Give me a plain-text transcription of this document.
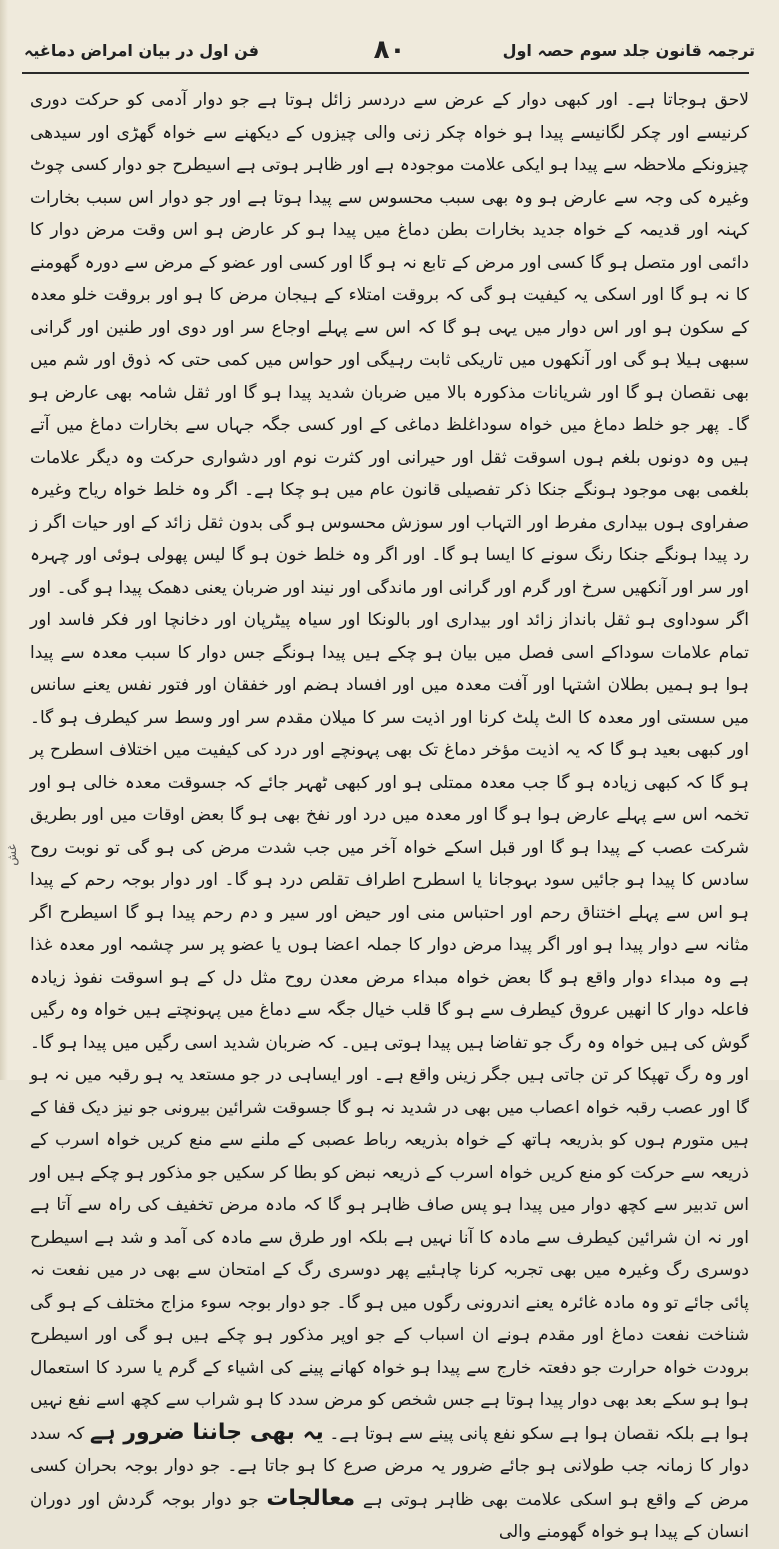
فن اول در بیان امراض دماغیہ	۸۰	ترجمہ قانون جلد سوم حصہ اول
غش
لاحق ہوجاتا ہے۔ اور کبھی دوار کے عرض سے دردسر زائل ہوتا ہے جو دوار آدمی کو حرکت دوری کرنیسے اور چکر لگانیسے پیدا ہو خواہ چکر زنی والی چیزوں کے دیکھنے سے خواہ گھڑی اور سیدھی چیزونکے ملاحظہ سے پیدا ہو ایکی علامت موجودہ ہے اور ظاہر ہوتی ہے اسیطرح جو دوار کسی چوٹ وغیرہ کی وجہ سے عارض ہو وہ بھی سبب محسوس سے پیدا ہوتا ہے اور جو دوار اس سبب بخارات کہنہ اور قدیمہ کے خواہ جدید بخارات بطن دماغ میں پیدا ہو کر عارض ہو اس وقت مرض دوار کا دائمی اور متصل ہو گا کسی اور مرض کے تابع نہ ہو گا اور کسی اور عضو کے مرض سے دورہ گھومنے کا نہ ہو گا اور اسکی یہ کیفیت ہو گی کہ بروقت امتلاء کے ہیجان مرض کا ہو اور بروقت خلو معدہ کے سکون ہو اور اس دوار میں یہی ہو گا کہ اس سے پہلے اوجاع سر اور دوی اور طنین اور گرانی سبھی ہیلا ہو گی اور آنکھوں میں تاریکی ثابت رہیگی اور حواس میں کمی حتی کہ ذوق اور شم میں بھی نقصان ہو گا اور شریانات مذکورہ بالا میں ضربان شدید پیدا ہو گا اور ثقل شامہ بھی عارض ہو گا۔ پھر جو خلط دماغ میں خواہ سوداغلظ دماغی کے اور کسی جگہ جہاں سے بخارات دماغ میں آتے ہیں وہ دونوں بلغم ہوں اسوقت ثقل اور حیرانی اور کثرت نوم اور دشواری حرکت وہ دیگر علامات بلغمی بھی موجود ہونگے جنکا ذکر تفصیلی قانون عام میں ہو چکا ہے۔ اگر وہ خلط خواہ ریاح وغیرہ صفراوی ہوں بیداری مفرط اور التہاب اور سوزش محسوس ہو گی بدون ثقل زائد کے اور حیات اگر ز رد پیدا ہونگے جنکا رنگ سونے کا ایسا ہو گا۔ اور اگر وہ خلط خون ہو گا لیس پھولی ہوئی اور چہرہ اور سر اور آنکھیں سرخ اور گرم اور گرانی اور ماندگی اور نیند اور ضربان یعنی دھمک پیدا ہو گی۔ اور اگر سوداوی ہو ثقل بانداز زائد اور بیداری اور بالونکا اور سیاہ پیٹرپان اور دخانچا اور فکر فاسد اور تمام علامات سوداکے اسی فصل میں بیان ہو چکے ہیں پیدا ہونگے جس دوار کا سبب معدہ سے پیدا ہوا ہو ہمیں بطلان اشتہا اور آفت معدہ میں اور افساد ہضم اور خفقان اور فتور نفس یعنے سانس میں سستی اور معدہ کا الٹ پلٹ کرنا اور اذیت سر کا میلان مقدم سر اور وسط سر کیطرف ہو گا۔ اور کبھی بعید ہو گا کہ یہ اذیت مؤخر دماغ تک بھی پہونچے اور درد کی کیفیت میں اختلاف اسطرح پر ہو گا کہ کبھی زیادہ ہو گا جب معدہ ممتلی ہو اور کبھی ٹھہر جائے کہ جسوقت معدہ خالی ہو اور تخمہ اس سے پہلے عارض ہوا ہو گا اور معدہ میں درد اور نفخ بھی ہو گا بعض اوقات میں اور بطریق شرکت عصب کے پیدا ہو گا اور قبل اسکے خواہ آخر میں جب شدت مرض کی ہو گی تو نوبت روح سادس کا پیدا ہو جائیں سود بہوجانا یا اسطرح اطراف تقلص درد ہو گا۔ اور دوار بوجہ رحم کے پیدا ہو اس سے پہلے اختناق رحم اور احتباس منی اور حیض اور سیر و دم رحم پیدا ہو گا اسیطرح اگر مثانہ سے دوار پیدا ہو اور اگر پیدا مرض دوار کا جملہ اعضا ہوں یا عضو پر سر چشمہ اور معدہ غذا ہے وہ مبداء دوار واقع ہو گا بعض خواہ مبداء مرض معدن روح مثل دل کے ہو اسوقت نفوذ زیادہ فاعلہ دوار کا انھیں عروق کیطرف سے ہو گا قلب خیال جگہ سے دماغ میں پہونچتے ہیں خواہ وہ رگیں گوش کی ہیں خواہ وہ رگ جو تفاضا ہیں پیدا ہوتی ہیں۔ کہ ضربان شدید اسی رگیں میں پیدا ہو گا۔ اور وہ رگ تھپکا کر تن جاتی ہیں جگر زینں واقع ہے۔ اور ایساہی در جو مستعد یہ ہو رقبہ میں نہ ہو گا اور عصب رقبہ خواہ اعصاب میں بھی در شدید نہ ہو گا جسوقت شرائین بیرونی جو نیز دیک قفا کے ہیں متورم ہوں کو بذریعہ ہاتھ کے خواہ بذریعہ رباط عصبی کے ملنے سے منع کریں خواہ اسرب کے ذریعہ سے حرکت کو منع کریں خواہ اسرب کے ذریعہ نبض کو بطا کر سکیں جو مذکور ہو چکے ہیں اور اس تدبیر سے کچھ دوار میں پیدا ہو پس صاف ظاہر ہو گا کہ مادہ مرض تخفیف کی راہ سے آتا ہے اور نہ ان شرائین کیطرف سے مادہ کا آنا نہیں ہے بلکہ اور طرق سے مادہ کی آمد و شد ہے اسیطرح دوسری رگ وغیرہ میں بھی تجربہ کرنا چاہئیے پھر دوسری رگ کے امتحان سے بھی در میں نفعت نہ پائی جائے تو وہ مادہ غائرہ یعنے اندرونی رگوں میں ہو گا۔ جو دوار بوجہ سوء مزاج مختلف کے ہو گی شناخت نفعت دماغ اور مقدم ہونے ان اسباب کے جو اوپر مذکور ہو چکے ہیں ہو گی اور اسیطرح برودت خواہ حرارت جو دفعتہ خارج سے پیدا ہو خواہ کھانے پینے کی اشیاء کے گرم یا سرد کا استعمال ہوا ہو سکے بعد بھی دوار پیدا ہوتا ہے جس شخص کو مرض سدد کا ہو شراب سے کچھ اسے نفع نہیں ہوا ہے بلکہ نقصان ہوا ہے سکو نفع پانی پینے سے ہوتا ہے۔ یہ بھی جاننا ضرور ہے کہ سدد دوار کا زمانہ جب طولانی ہو جائے ضرور یہ مرض صرع کا ہو جاتا ہے۔ جو دوار بوجہ بحران کسی مرض کے واقع ہو اسکی علامت بھی ظاہر ہوتی ہے معالجات جو دوار بوجہ گردش اور دوران انسان کے پیدا ہو خواہ گھومنے والی
